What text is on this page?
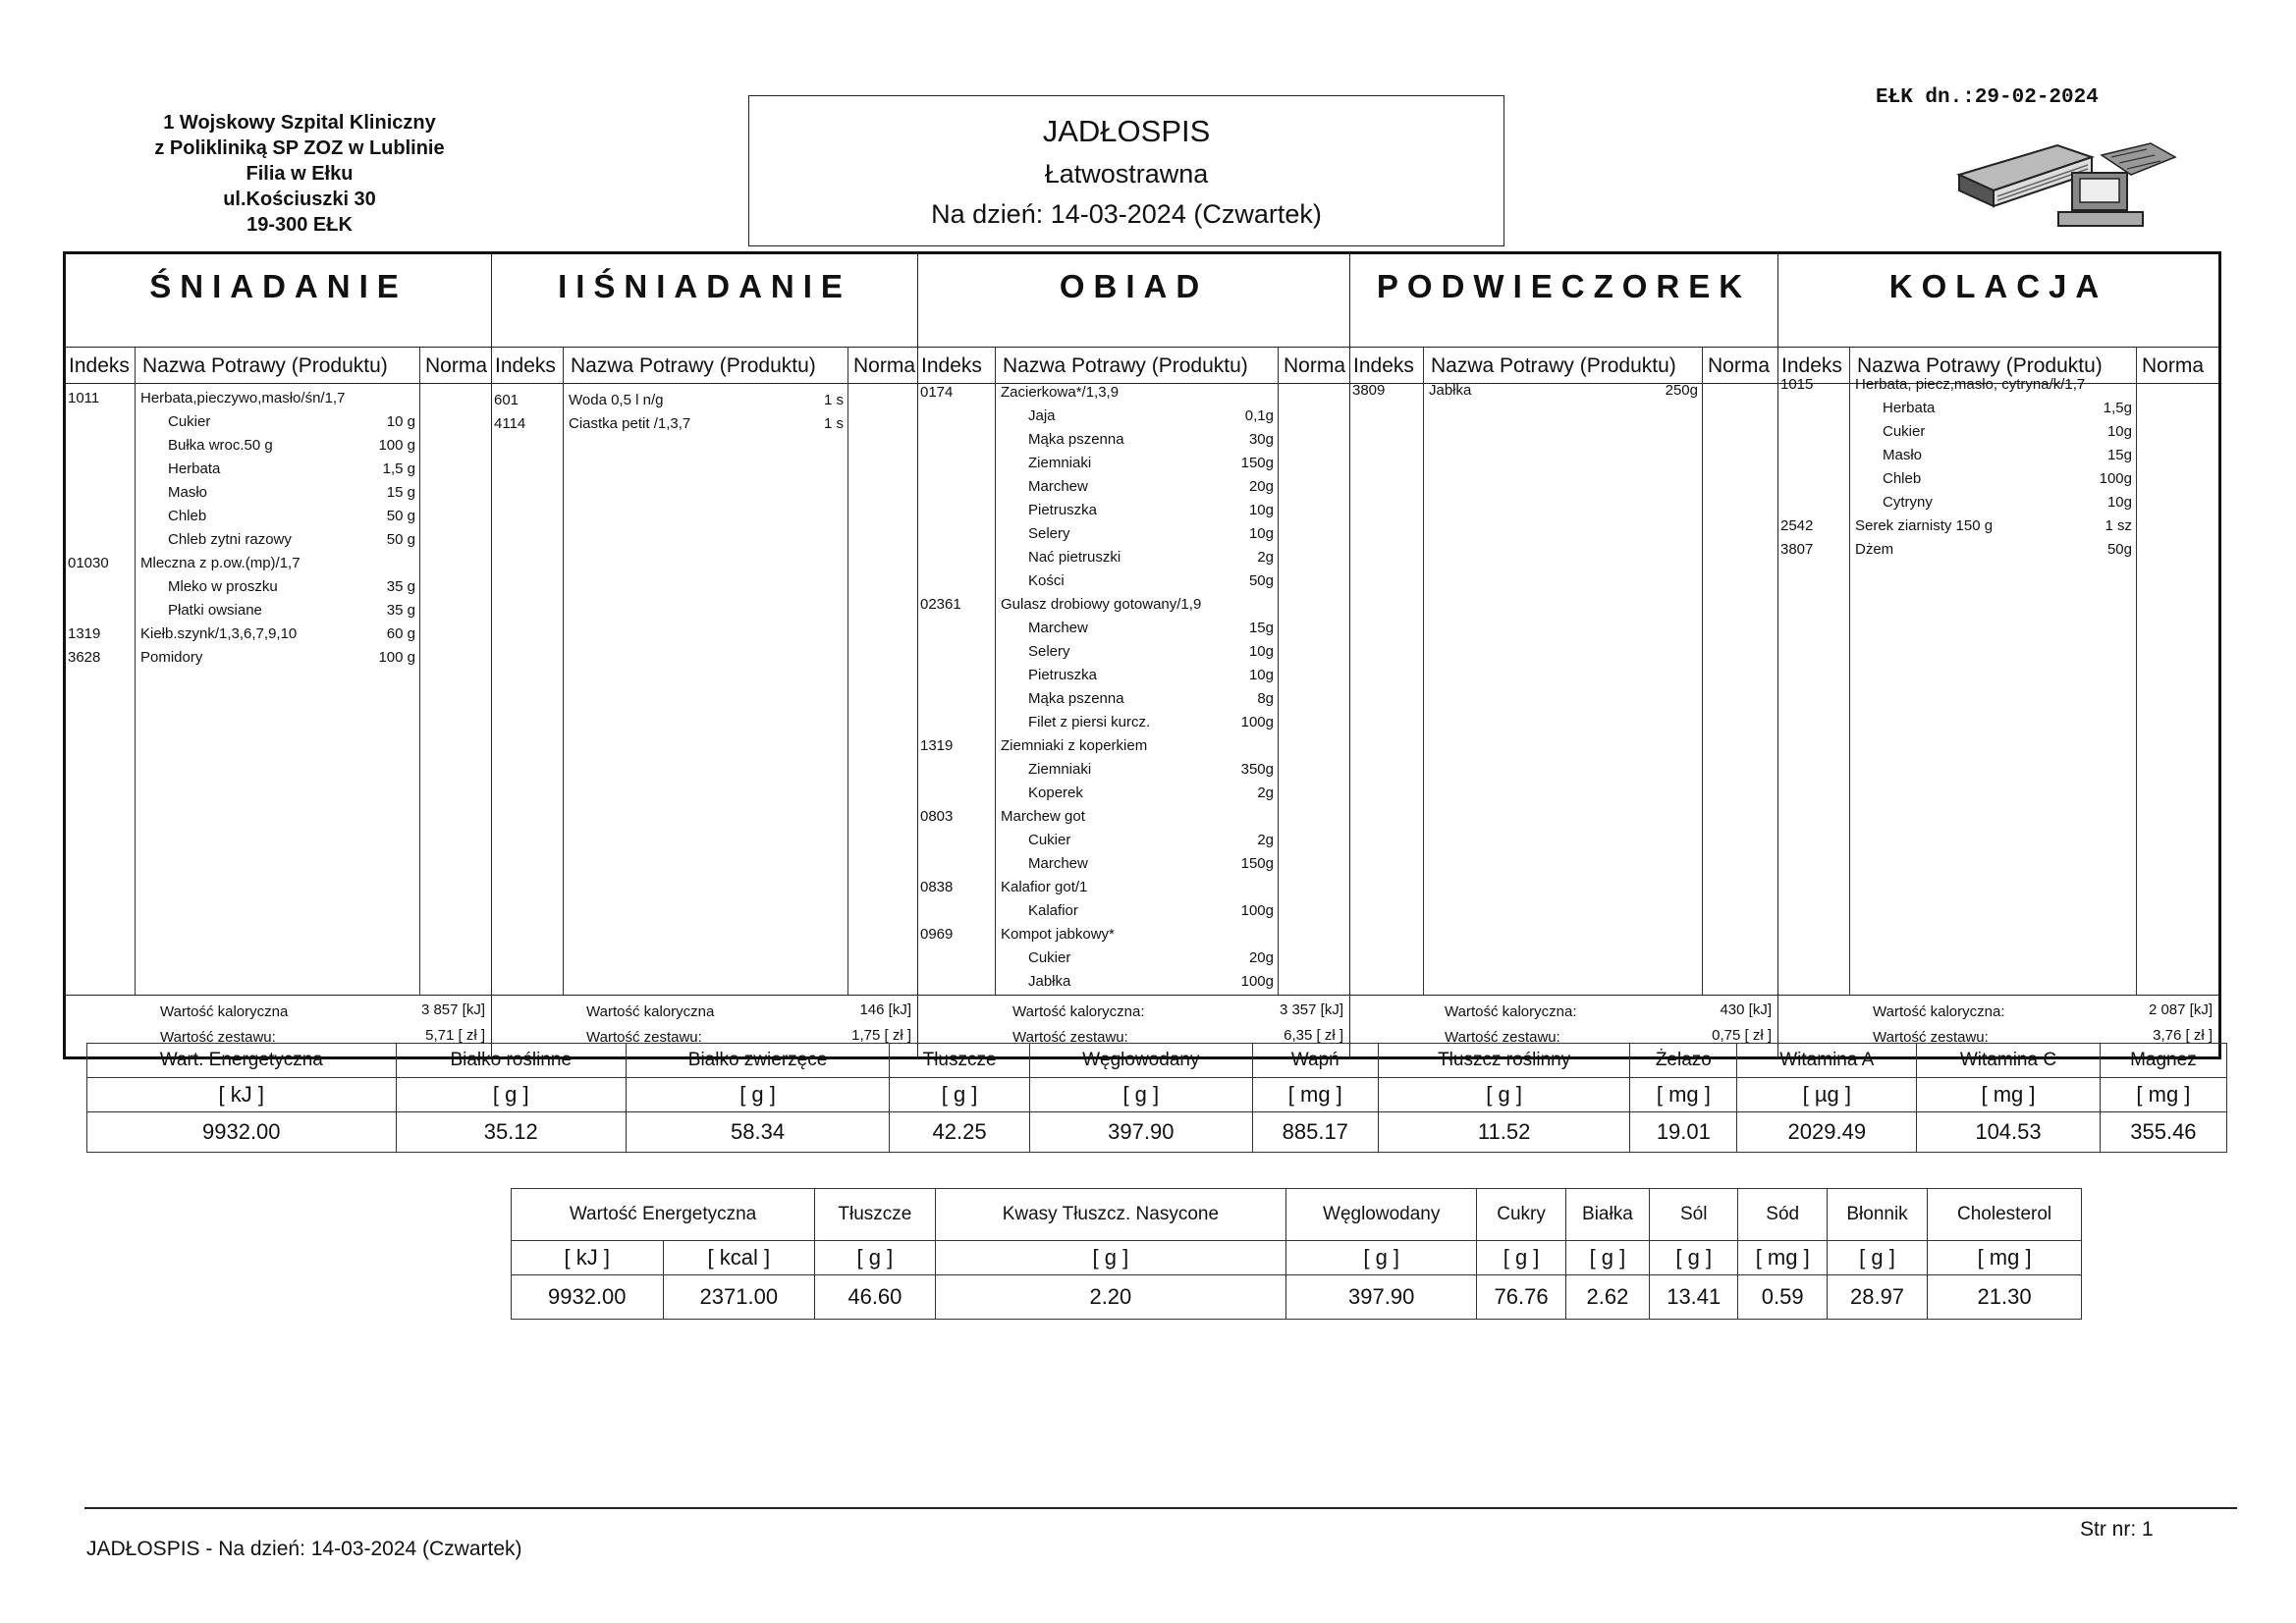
1 Wojskowy Szpital Kliniczny
z Polikliniką SP ZOZ w Lublinie
Filia w Ełku
ul.Kościuszki 30
19-300 EŁK
JADŁOSPIS
Łatwostrawna
Na dzień: 14-03-2024 (Czwartek)
EŁK dn.:29-02-2024
ŚNIADANIE
Indeks Nazwa Potrawy (Produktu) Norma
1011	Herbata,pieczywo,masło/śn/1,7
Cukier	10 g
Bułka wroc.50 g	100 g
Herbata	1,5 g
Masło	15 g
Chleb	50 g
Chleb zytni razowy	50 g
01030 Mleczna z p.ow.(mp)/1,7
Mleko w proszku	35 g
Płatki owsiane	35 g
1319	Kiełb.szynk/1,3,6,7,9,10	60 g
3628	Pomidory	100 g
Wartość kaloryczna
Wartość zestawu:
3 857 [kJ]
5,71 [ zł ]
IIŚNIADANIE
Indeks Nazwa Potrawy (Produktu) Norma
601	Woda 0,5 l n/g	1 s
4114	Ciastka petit /1,3,7	1 s
Wartość kaloryczna
Wartość zestawu:
146 [kJ]
1,75 [ zł ]
OBIAD
Indeks Nazwa Potrawy (Produktu) Norma
0174	Zacierkowa*/1,3,9
Jaja	0,1g
Mąka pszenna	30g
Ziemniaki	150g
Marchew	20g
Pietruszka	10g
Selery	10g
Nać pietruszki	2g
Kości	50g
02361	Gulasz drobiowy gotowany/1,9
Marchew	15g
Selery	10g
Pietruszka	10g
Mąka pszenna	8g
Filet z piersi kurcz.	100g
1319	Ziemniaki z koperkiem
Ziemniaki	350g
Koperek	2g
0803	Marchew got
Cukier	2g
Marchew	150g
0838	Kalafior got/1
Kalafior	100g
0969	Kompot jabkowy*
Cukier	20g
Jabłka	100g
Wartość kaloryczna:
Wartość zestawu:
3 357 [kJ]
6,35 [ zł ]
PODWIECZOREK
Indeks Nazwa Potrawy (Produktu) Norma
3809	Jabłka	250g
Wartość kaloryczna:
Wartość zestawu:
430 [kJ]
0,75 [ zł ]
KOLACJA
Indeks Nazwa Potrawy (Produktu) Norma
1015	Herbata, piecz,masło, cytryna/k/1,7
Herbata	1,5g
Cukier	10g
Masło	15g
Chleb	100g
Cytryny	10g
2542	Serek ziarnisty 150 g	1 sz
3807	Dżem	50g
Wartość kaloryczna:
Wartość zestawu:
2 087 [kJ]
3,76 [ zł ]
Wart. Energetyczna	Białko roślinne	Białko zwierzęce	Tłuszcze	Węglowodany	Wapń	Tłuszcz roślinny	Żelazo	Witamina A	Witamina C	Magnez
[ kJ ]	[ g ]	[ g ]	[ g ]	[ g ]	[ mg ]	[ g ]	[ mg ]	[ µg ]	[ mg ]	[ mg ]
9932.00	35.12	58.34	42.25	397.90	885.17	11.52	19.01	2029.49	104.53	355.46
Wartość Energetyczna		Tłuszcze	Kwasy Tłuszcz. Nasycone	Węglowodany	Cukry	Białka	Sól	Sód	Błonnik	Cholesterol
[ kJ ]	[ kcal ]	[ g ]	[ g ]	[ g ]	[ g ]	[ g ]	[ g ]	[ mg ]	[ g ]	[ mg ]
9932.00	2371.00	46.60	2.20	397.90	76.76	2.62	13.41	0.59	28.97	21.30
JADŁOSPIS - Na dzień: 14-03-2024 (Czwartek)
Str nr: 1
